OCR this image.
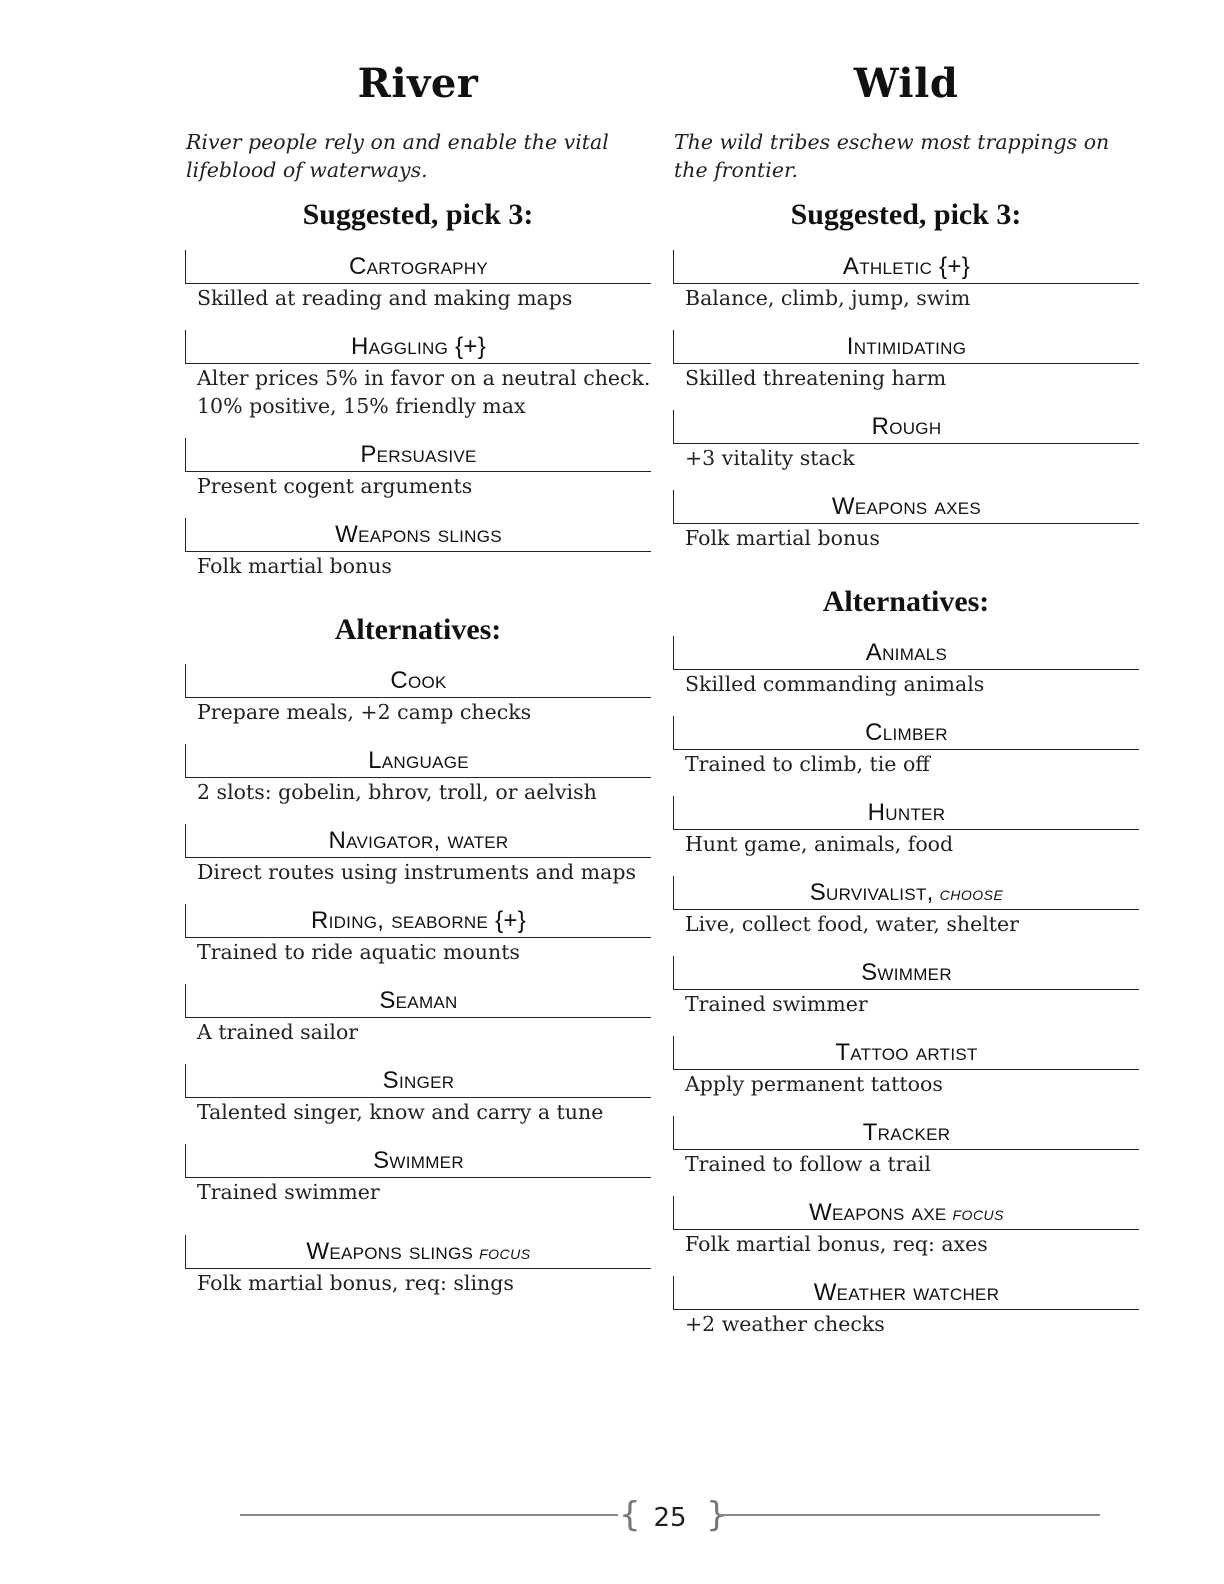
River
River people rely on and enable the vital lifeblood of waterways.
Suggested, pick 3:
Cartography
Skilled at reading and making maps
Haggling {+}
Alter prices 5% in favor on a neutral check.
10% positive, 15% friendly max
Persuasive
Present cogent arguments
Weapons slings
Folk martial bonus
Alternatives:
Cook
Prepare meals, +2 camp checks
Language
2 slots: gobelin, bhrov, troll, or aelvish
Navigator, water
Direct routes using instruments and maps
Riding, seaborne {+}
Trained to ride aquatic mounts
Seaman
A trained sailor
Singer
Talented singer, know and carry a tune
Swimmer
Trained swimmer
Weapons slings focus
Folk martial bonus, req: slings
Wild
The wild tribes eschew most trappings on the frontier.
Suggested, pick 3:
Athletic {+}
Balance, climb, jump, swim
Intimidating
Skilled threatening harm
Rough
+3 vitality stack
Weapons axes
Folk martial bonus
Alternatives:
Animals
Skilled commanding animals
Climber
Trained to climb, tie off
Hunter
Hunt game, animals, food
Survivalist, choose
Live, collect food, water, shelter
Swimmer
Trained swimmer
Tattoo artist
Apply permanent tattoos
Tracker
Trained to follow a trail
Weapons axe focus
Folk martial bonus, req: axes
Weather watcher
+2 weather checks
{ 25 }
